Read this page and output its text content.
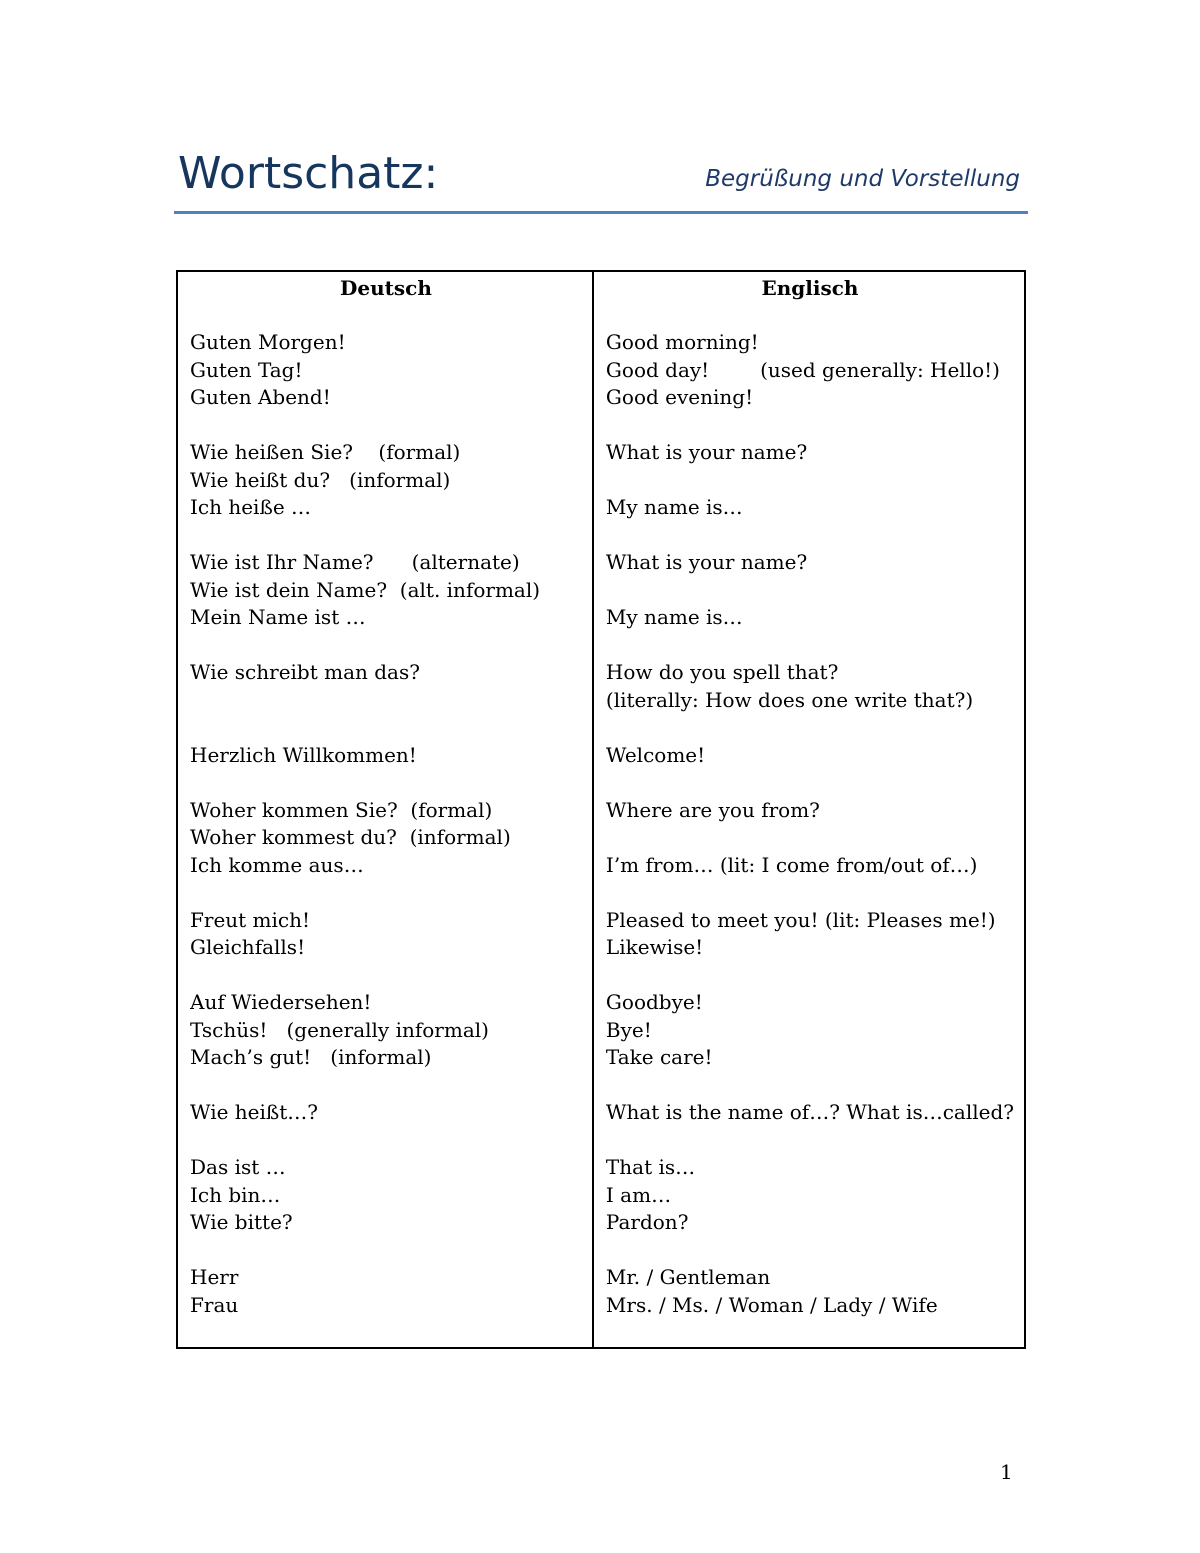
Wortschatz:	Begrüßung und Vorstellung
Deutsch
Guten Morgen!
Guten Tag!
Guten Abend!
Wie heißen Sie?    (formal)
Wie heißt du?   (informal)
Ich heiße …
Wie ist Ihr Name?      (alternate)
Wie ist dein Name?  (alt. informal)
Mein Name ist …
Wie schreibt man das?
Herzlich Willkommen!
Woher kommen Sie?  (formal)
Woher kommest du?  (informal)
Ich komme aus…
Freut mich!
Gleichfalls!
Auf Wiedersehen!
Tschüs!   (generally informal)
Mach’s gut!   (informal)
Wie heißt…?
Das ist …
Ich bin…
Wie bitte?
Herr
Frau
Englisch
Good morning!
Good day!        (used generally: Hello!)
Good evening!
What is your name?
My name is…
What is your name?
My name is…
How do you spell that?
(literally: How does one write that?)
Welcome!
Where are you from?
I’m from… (lit: I come from/out of…)
Pleased to meet you! (lit: Pleases me!)
Likewise!
Goodbye!
Bye!
Take care!
What is the name of…? What is…called?
That is…
I am…
Pardon?
Mr. / Gentleman
Mrs. / Ms. / Woman / Lady / Wife
1
